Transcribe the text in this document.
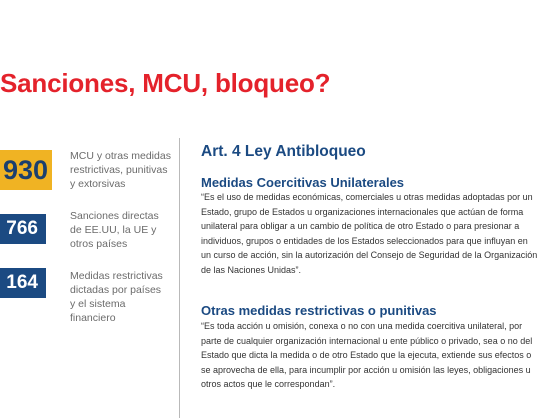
Sanciones, MCU, bloqueo?
930	MCU y otras medidas
restrictivas, punitivas
y extorsivas
766
Sanciones directas
de EE.UU, la UE y
otros países
164	Medidas restrictivas
dictadas por países
y el sistema
financiero
Art. 4 Ley Antibloqueo
Medidas Coercitivas Unilaterales

“Es el uso de medidas económicas, comerciales u otras medidas adoptadas por un
Estado, grupo de Estados u organizaciones internacionales que actúan de forma
unilateral para obligar a un cambio de política de otro Estado o para presionar a
individuos, grupos o entidades de los Estados seleccionados para que influyan en
un curso de acción, sin la autorización del Consejo de Seguridad de la Organización
de las Naciones Unidas”.

Otras medidas restrictivas o punitivas

“Es toda acción u omisión, conexa o no con una medida coercitiva unilateral, por
parte de cualquier organización internacional u ente público o privado, sea o no del
Estado que dicta la medida o de otro Estado que la ejecuta, extiende sus efectos o
se aprovecha de ella, para incumplir por acción u omisión las leyes, obligaciones u
otros actos que le correspondan”.
